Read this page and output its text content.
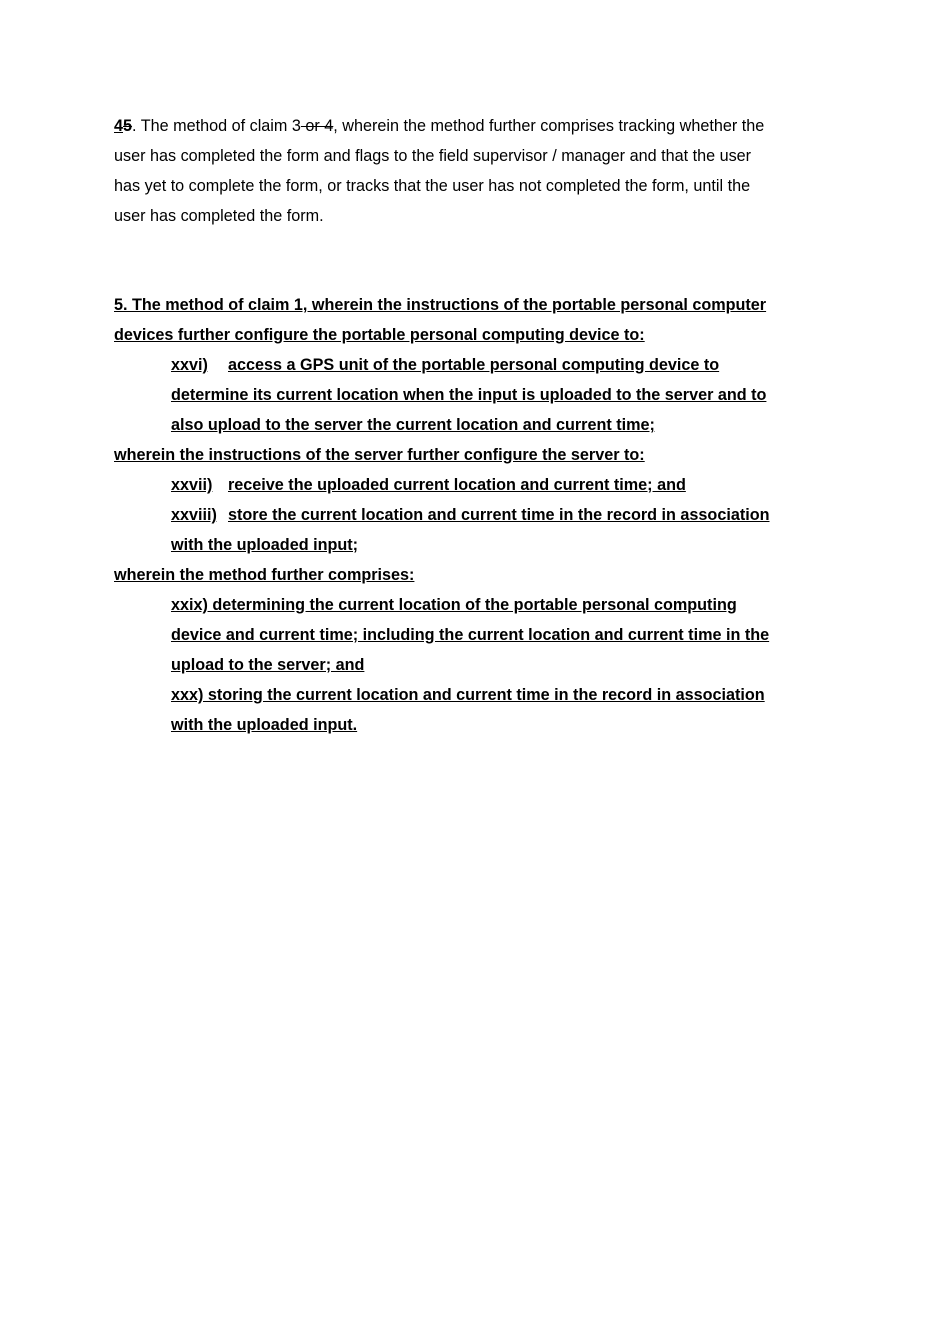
45. The method of claim 3 or 4, wherein the method further comprises tracking whether the
user has completed the form and flags to the field supervisor / manager and that the user
has yet to complete the form, or tracks that the user has not completed the form, until the
user has completed the form.
5. The method of claim 1, wherein the instructions of the portable personal computer
devices further configure the portable personal computing device to:
xxvi) access a GPS unit of the portable personal computing device to
determine its current location when the input is uploaded to the server and to
also upload to the server the current location and current time;
wherein the instructions of the server further configure the server to:
xxvii) receive the uploaded current location and current time; and
xxviii) store the current location and current time in the record in association
with the uploaded input;
wherein the method further comprises:
xxix) determining the current location of the portable personal computing
device and current time; including the current location and current time in the
upload to the server; and
xxx) storing the current location and current time in the record in association
with the uploaded input.
